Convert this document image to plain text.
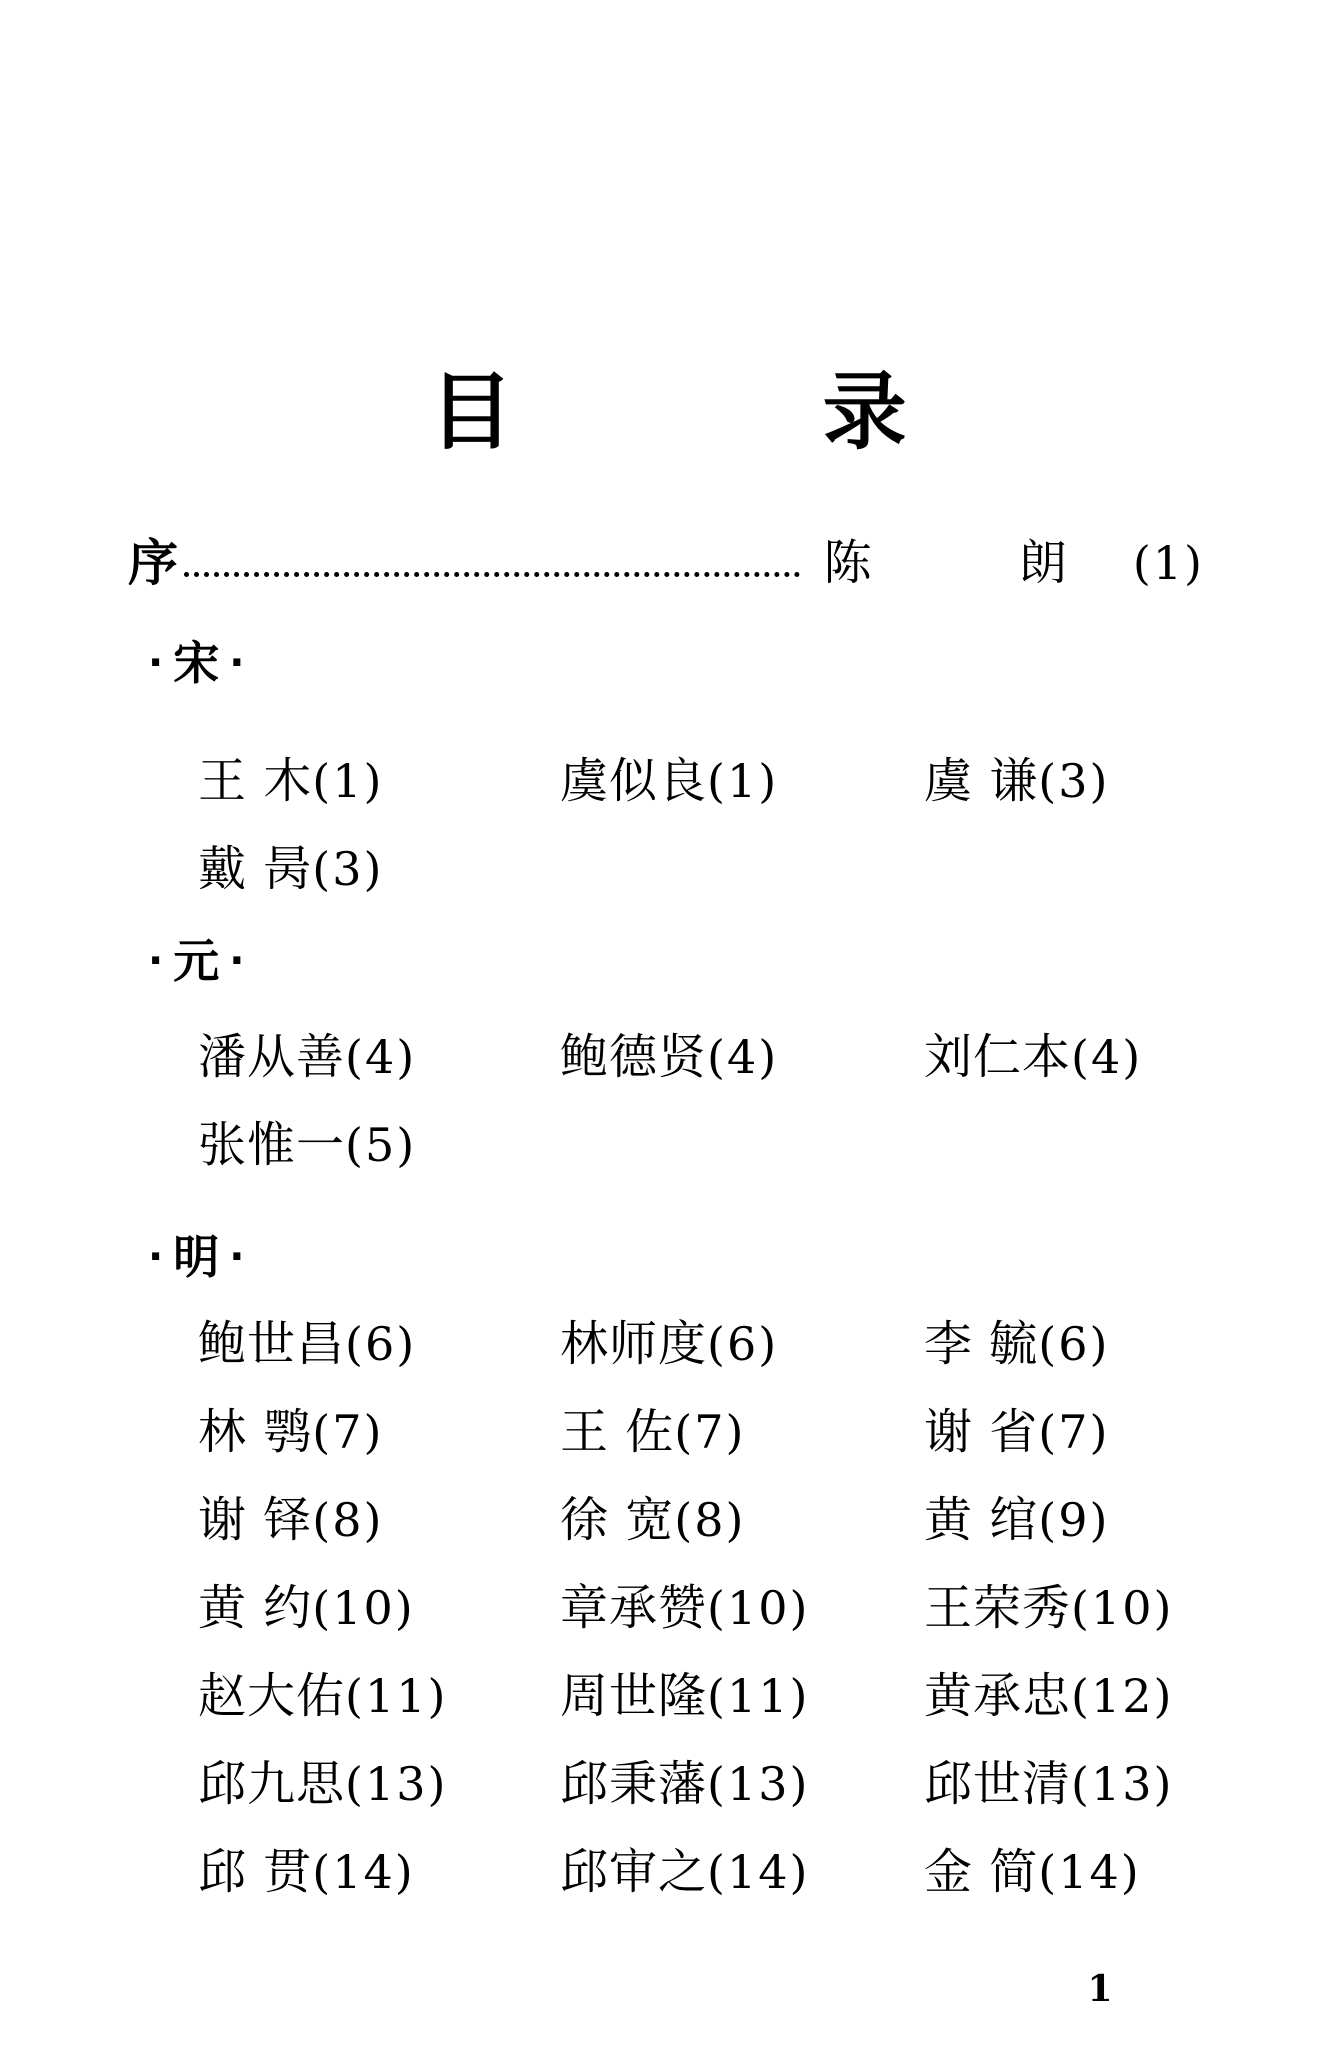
目 录
序	陈 朗 (1)
· 宋 ·
王 木 (1)	虞似良 (1)	虞 谦 (3)
戴 昺 (3)
· 元 ·
潘从善 (4)	鲍德贤 (4)	刘仁本 (4)
张惟一 (5)
· 明 ·
鲍世昌 (6)	林师度 (6)	李 毓 (6)
林 鹗 (7)	王 佐 (7)	谢 省 (7)
谢 铎 (8)	徐 宽 (8)	黄 绾 (9)
黄 约 (10)	章承赞 (10) 王荣秀 (10)
赵大佑 (11) 周世隆 (11) 黄承忠 (12)
邱九思 (13) 邱秉藩 (13) 邱世清 (13)
邱 贯 (14)	邱审之 (14) 金 简 (14)
1
